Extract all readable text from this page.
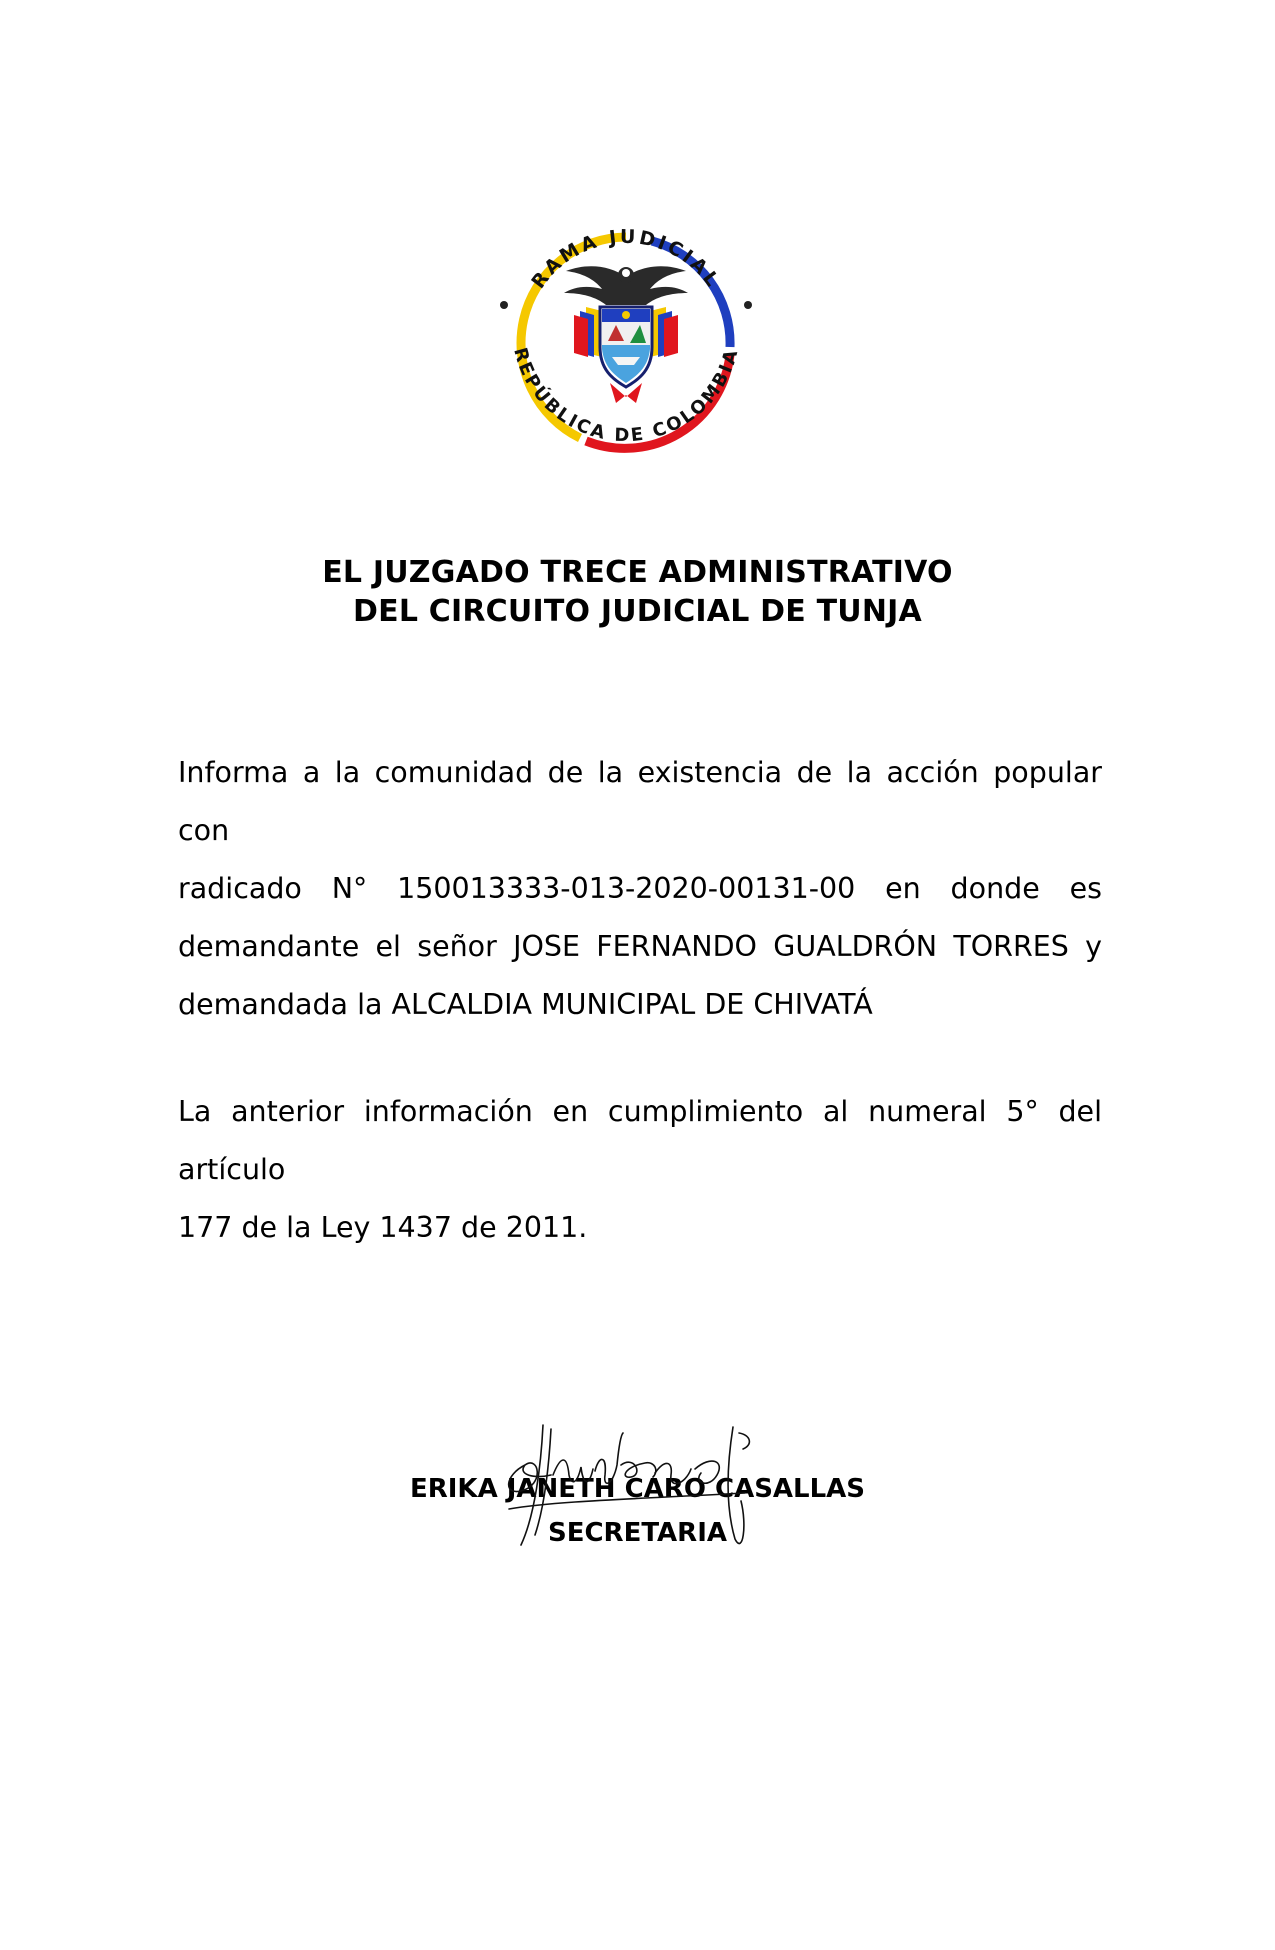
RAMA JUDICIAL
REPÚBLICA DE COLOMBIA
EL JUZGADO TRECE ADMINISTRATIVO
DEL CIRCUITO JUDICIAL DE TUNJA
Informa a la comunidad de la existencia de la acción popular con
radicado N° 150013333-013-2020-00131-00 en donde es
demandante el señor JOSE FERNANDO GUALDRÓN TORRES y
demandada la ALCALDIA MUNICIPAL DE CHIVATÁ
La anterior información en cumplimiento al numeral 5° del artículo
177 de la Ley 1437 de 2011.
ERIKA JANETH CARO CASALLAS
SECRETARIA
